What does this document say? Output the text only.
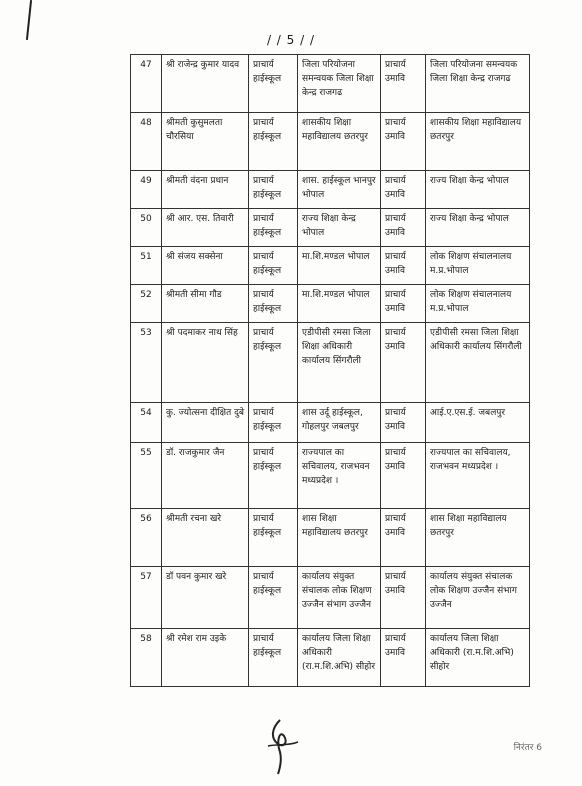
/ / 5 / /
47	श्री राजेन्द्र कुमार यादव	प्राचार्य हाईस्कूल	जिला परियोजना समन्वयक जिला शिक्षा केन्द्र राजगढ	प्राचार्य उमावि	जिला परियोजना समन्वयक जिला शिक्षा केन्द्र राजगढ
48	श्रीमती कुसुमलता चौरसिया	प्राचार्य हाईस्कूल	शासकीय शिक्षा महाविद्यालय छतरपुर	प्राचार्य उमावि	शासकीय शिक्षा महाविद्यालय छतरपुर
49	श्रीमती वंदना प्रधान	प्राचार्य हाईस्कूल	शास. हाईस्कूल भानपुर भोपाल	प्राचार्य उमावि	राज्य शिक्षा केन्द्र भोपाल
50	श्री आर. एस. तिवारी	प्राचार्य हाईस्कूल	राज्य शिक्षा केन्द्र भोपाल	प्राचार्य उमावि	राज्य शिक्षा केन्द्र भोपाल
51	श्री संजय सक्सेना	प्राचार्य हाईस्कूल	मा.शि.मण्डल भोपाल	प्राचार्य उमावि	लोक शिक्षण संचालनालय म.प्र.भोपाल
52	श्रीमती सीमा गौड	प्राचार्य हाईस्कूल	मा.शि.मण्डल भोपाल	प्राचार्य उमावि	लोक शिक्षण संचालनालय म.प्र.भोपाल
53	श्री पदमाकर नाथ सिंह	प्राचार्य हाईस्कूल	एडीपीसी रमसा जिला शिक्षा अधिकारी कार्यालय सिंगरौली	प्राचार्य उमावि	एडीपीसी रमसा जिला शिक्षा अधिकारी कार्यालय सिंगरौली
54	कु. ज्योत्सना दीक्षित दुबे	प्राचार्य हाईस्कूल	शास उर्दू हाईस्कूल, गोहलपुर जबलपुर	प्राचार्य उमावि	आई.ए.एस.ई. जबलपुर
55	डॉ. राजकुमार जैन	प्राचार्य हाईस्कूल	राज्यपाल का सचिवालय, राजभवन मध्यप्रदेश ।	प्राचार्य उमावि	राज्यपाल का सचिवालय, राजभवन मध्यप्रदेश ।
56	श्रीमती रचना खरे	प्राचार्य हाईस्कूल	शास शिक्षा महाविद्यालय छतरपुर	प्राचार्य उमावि	शास शिक्षा महाविद्यालय छतरपुर
57	डॉ पवन कुमार खरे	प्राचार्य हाईस्कूल	कार्यालय संयुक्त संचालक लोक शिक्षण उज्जैन संभाग उज्जैन	प्राचार्य उमावि	कार्यालय संयुक्त संचालक लोक शिक्षण उज्जैन संभाग उज्जैन
58	श्री रमेश राम उइके	प्राचार्य हाईस्कूल	कार्यालय जिला शिक्षा अधिकारी (रा.म.शि.अभि) सीहोर	प्राचार्य उमावि	कार्यालय जिला शिक्षा अधिकारी (रा.म.शि.अभि) सीहोर
निरंतर 6
